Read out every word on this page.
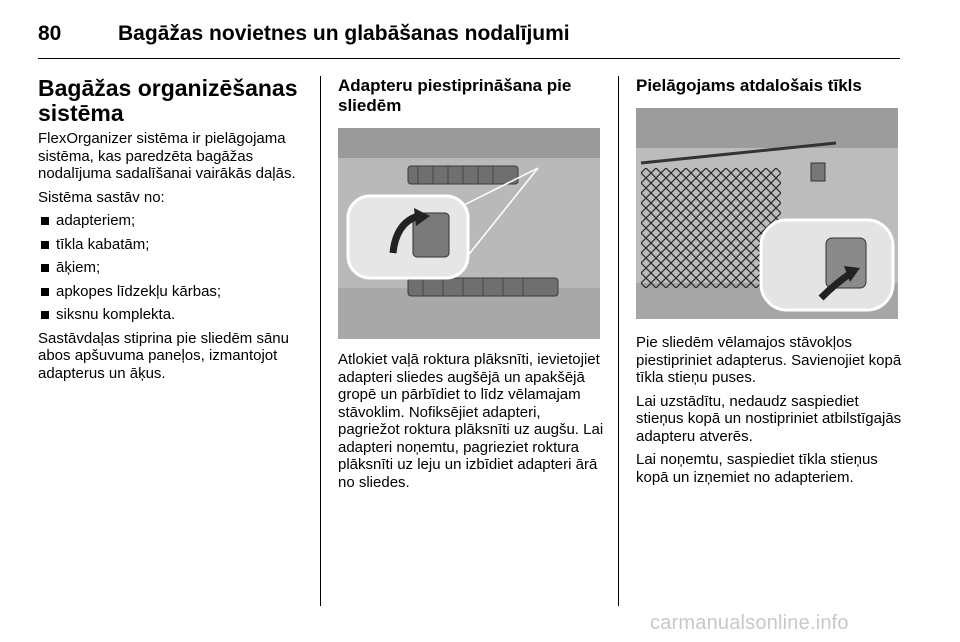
80	Bagāžas novietnes un glabāšanas nodalījumi
Bagāžas organizēšanas sistēma

FlexOrganizer sistēma ir pielāgojama sistēma, kas paredzēta bagāžas nodalījuma sadalīšanai vairākās daļās.

Sistēma sastāv no:

adapteriem;
tīkla kabatām;
āķiem;
apkopes līdzekļu kārbas;
siksnu komplekta.

Sastāvdaļas stiprina pie sliedēm sānu abos apšuvuma paneļos, izmantojot adapterus un āķus.

Adapteru piestiprināšana pie sliedēm

Atlokiet vaļā roktura plāksnīti, ievietojiet adapteri sliedes augšējā un apakšējā gropē un pārbīdiet to līdz vēlamajam stāvoklim. Nofiksējiet adapteri, pagriežot roktura plāksnīti uz augšu. Lai adapteri noņemtu, pagrieziet roktura plāksnīti uz leju un izbīdiet adapteri ārā no sliedes.

Pielāgojams atdalošais tīkls

Pie sliedēm vēlamajos stāvokļos piestipriniet adapterus. Savienojiet kopā tīkla stieņu puses.

Lai uzstādītu, nedaudz saspiediet stieņus kopā un nostipriniet atbilstīgajās adapteru atverēs.

Lai noņemtu, saspiediet tīkla stieņus kopā un izņemiet no adapteriem.

carmanualsonline.info
